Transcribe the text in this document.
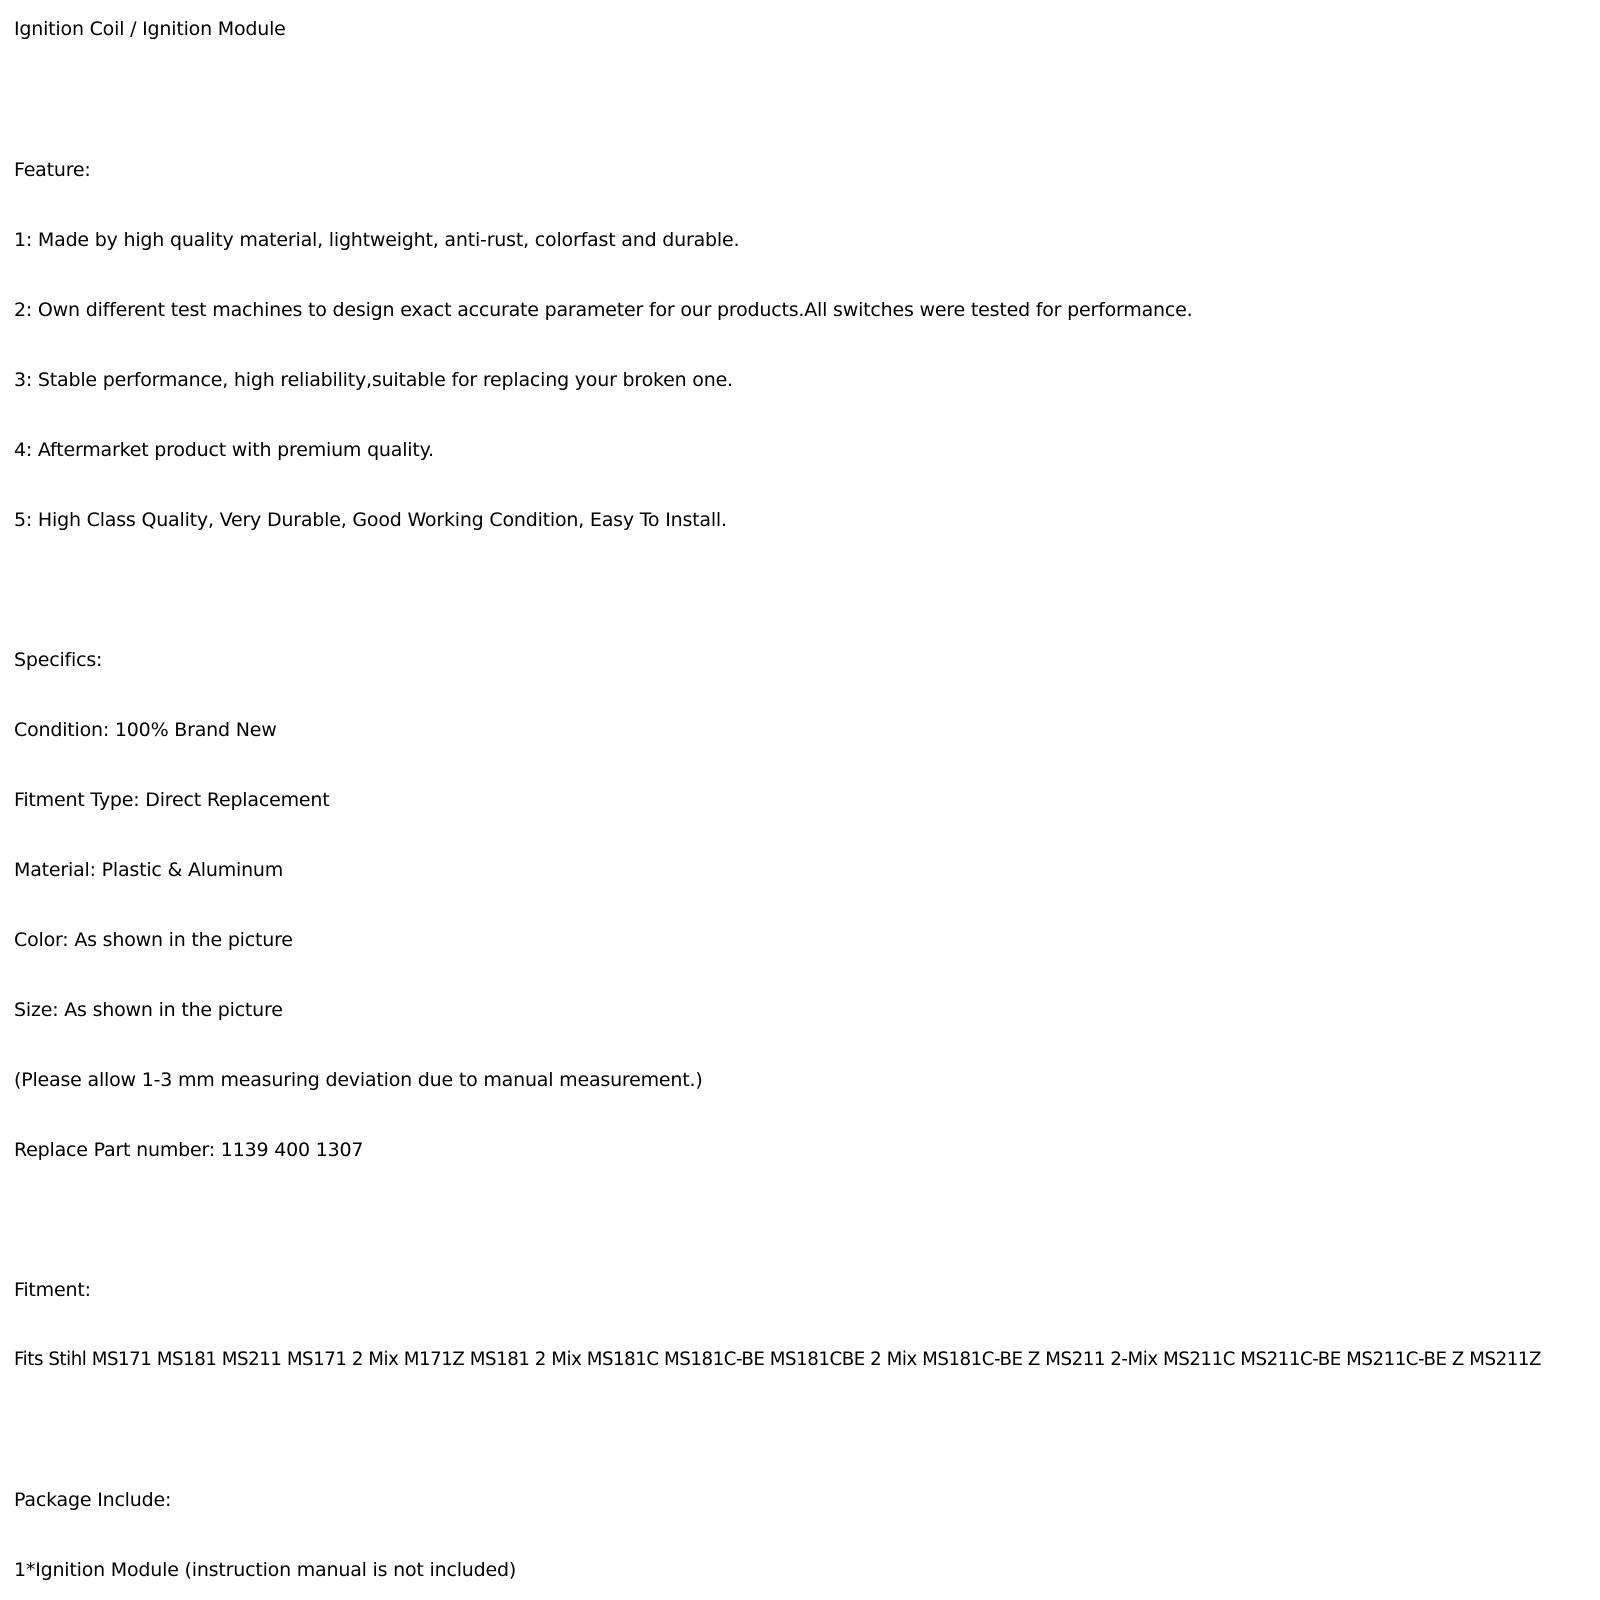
Ignition Coil / Ignition Module
Feature:
1: Made by high quality material, lightweight, anti-rust, colorfast and durable.
2: Own different test machines to design exact accurate parameter for our products.All switches were tested for performance.
3: Stable performance, high reliability,suitable for replacing your broken one.
4: Aftermarket product with premium quality.
5: High Class Quality, Very Durable, Good Working Condition, Easy To Install.
Specifics:
Condition: 100% Brand New
Fitment Type: Direct Replacement
Material: Plastic & Aluminum
Color: As shown in the picture
Size: As shown in the picture
(Please allow 1-3 mm measuring deviation due to manual measurement.)
Replace Part number: 1139 400 1307
Fitment:
Fits Stihl MS171 MS181 MS211 MS171 2 Mix M171Z MS181 2 Mix MS181C MS181C-BE MS181CBE 2 Mix MS181C-BE Z MS211 2-Mix MS211C MS211C-BE MS211C-BE Z MS211Z
Package Include:
1*Ignition Module (instruction manual is not included)
